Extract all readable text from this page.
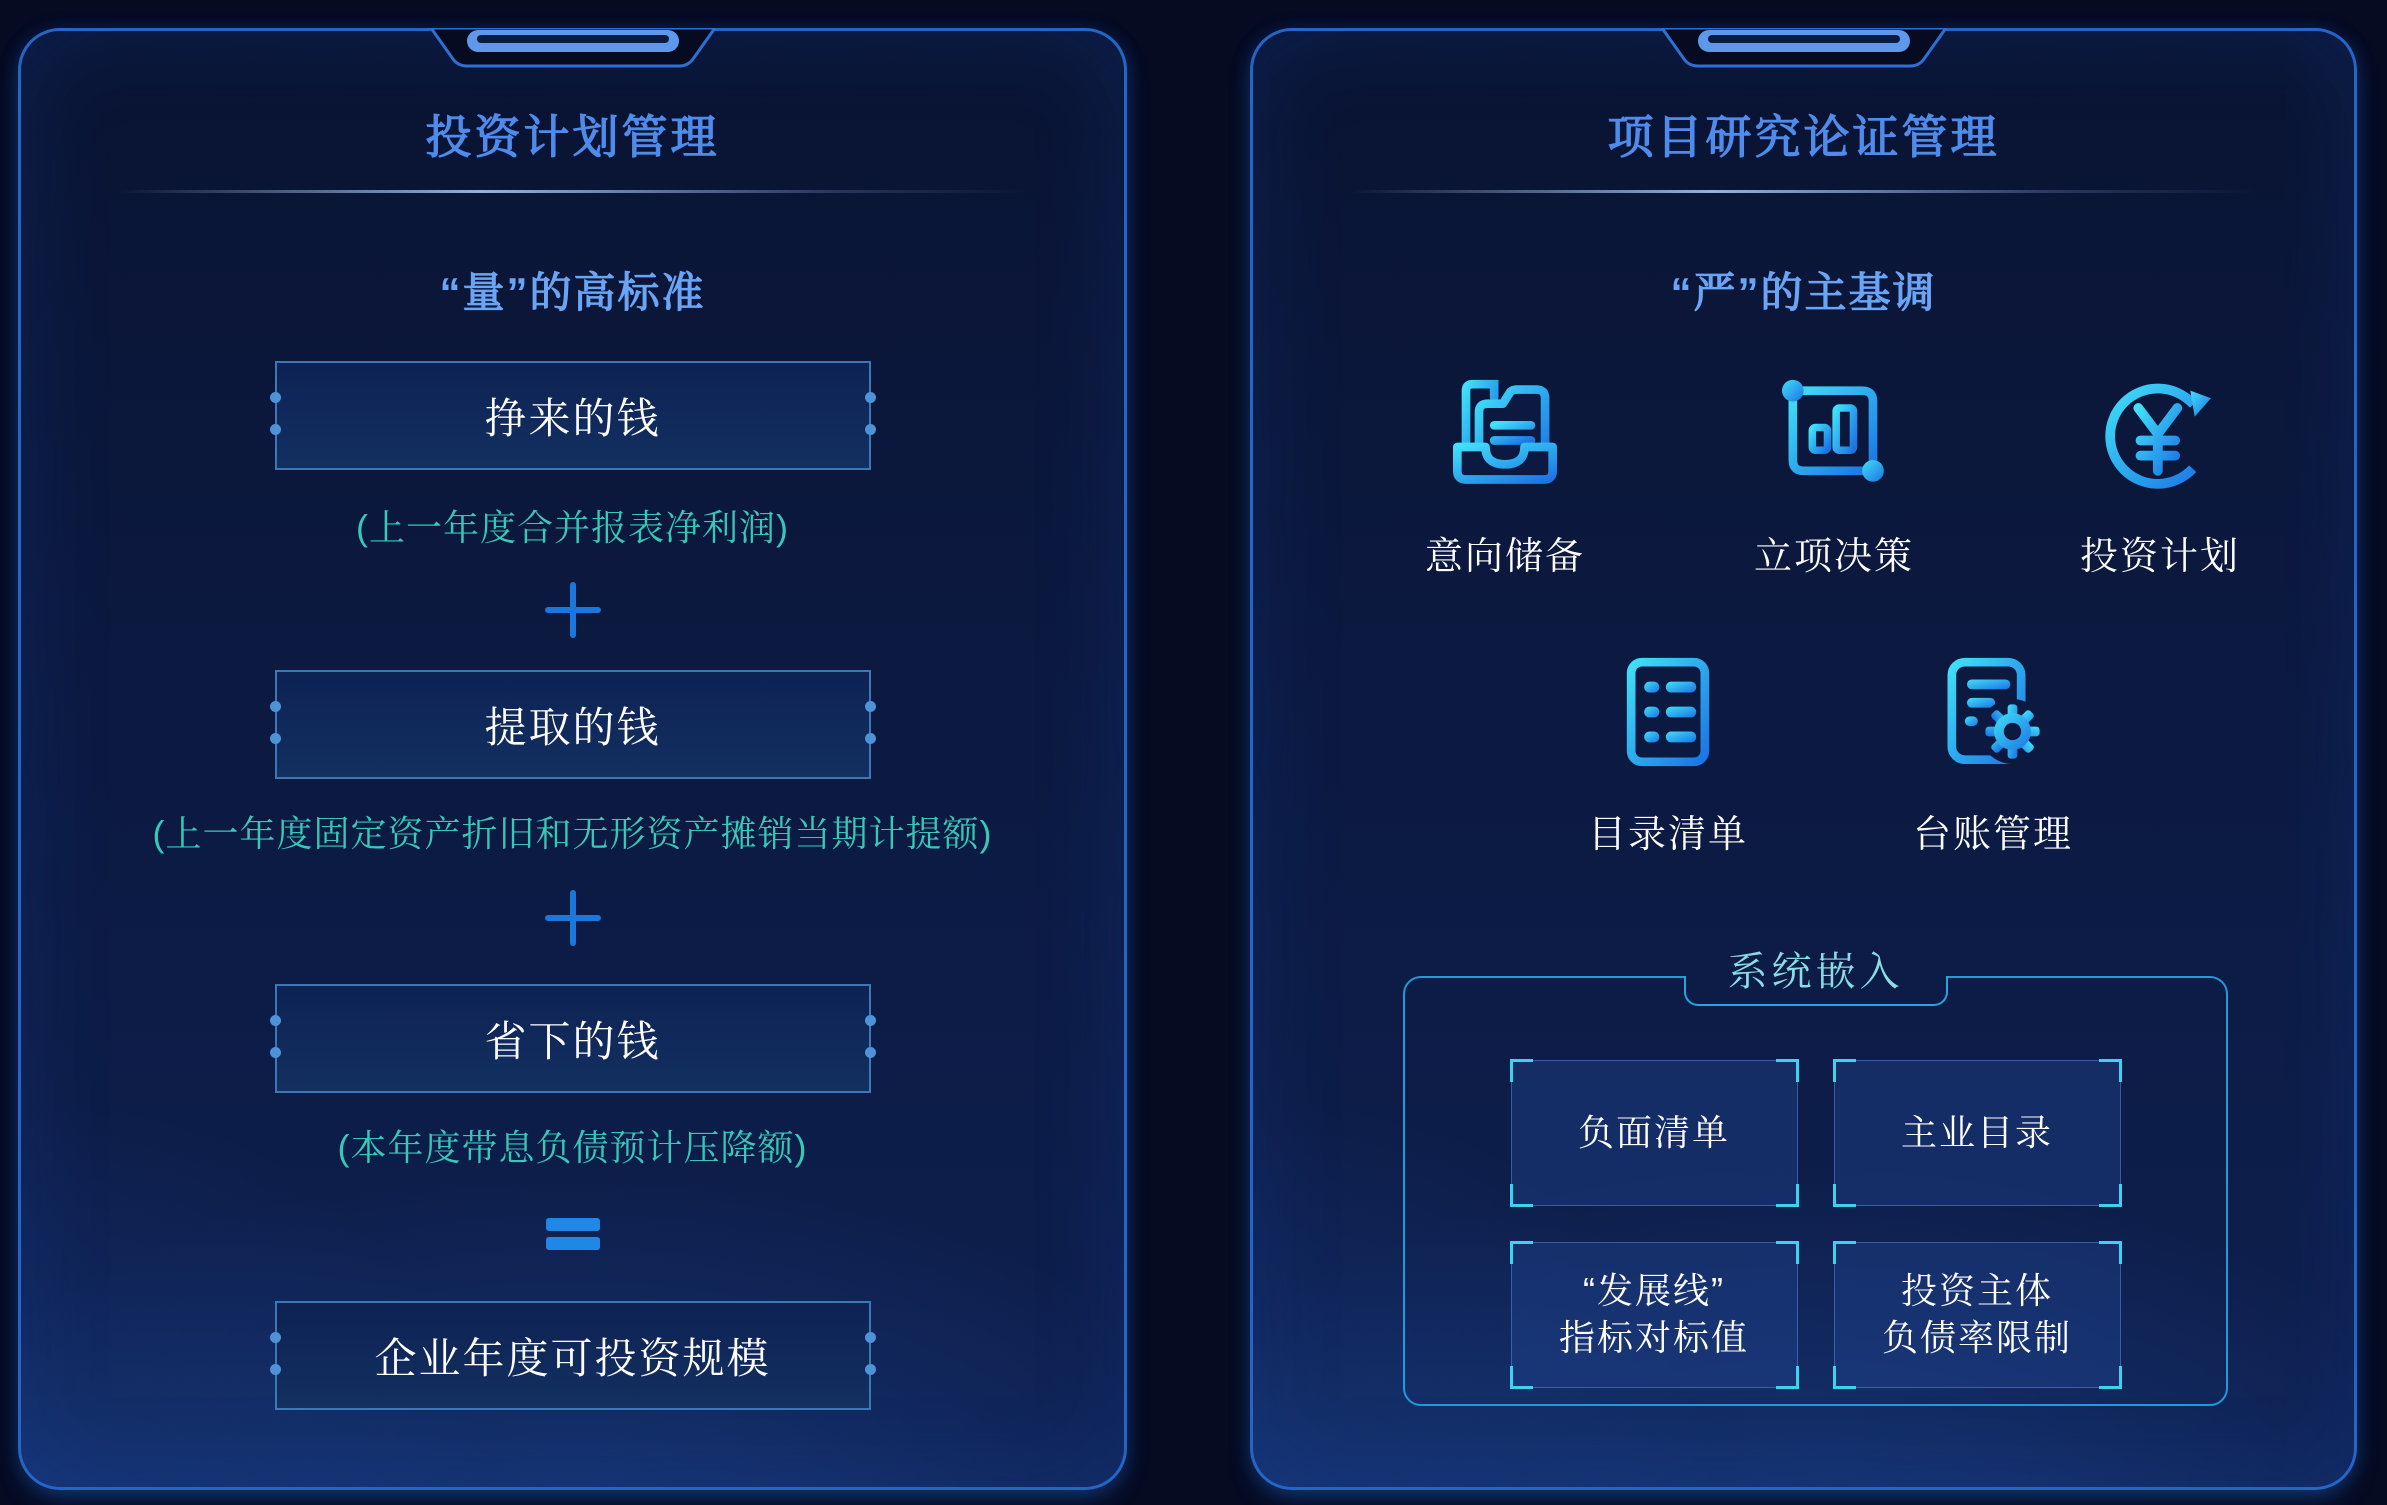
投资计划管理
“量”的高标准
挣来的钱
(上一年度合并报表净利润)
提取的钱
(上一年度固定资产折旧和无形资产摊销当期计提额)
省下的钱
(本年度带息负债预计压降额)
企业年度可投资规模
项目研究论证管理
“严”的主基调
意向储备	立项决策	投资计划
目录清单	台账管理
系统嵌入
负面清单	主业目录
“发展线”
指标对标值
投资主体
负债率限制
